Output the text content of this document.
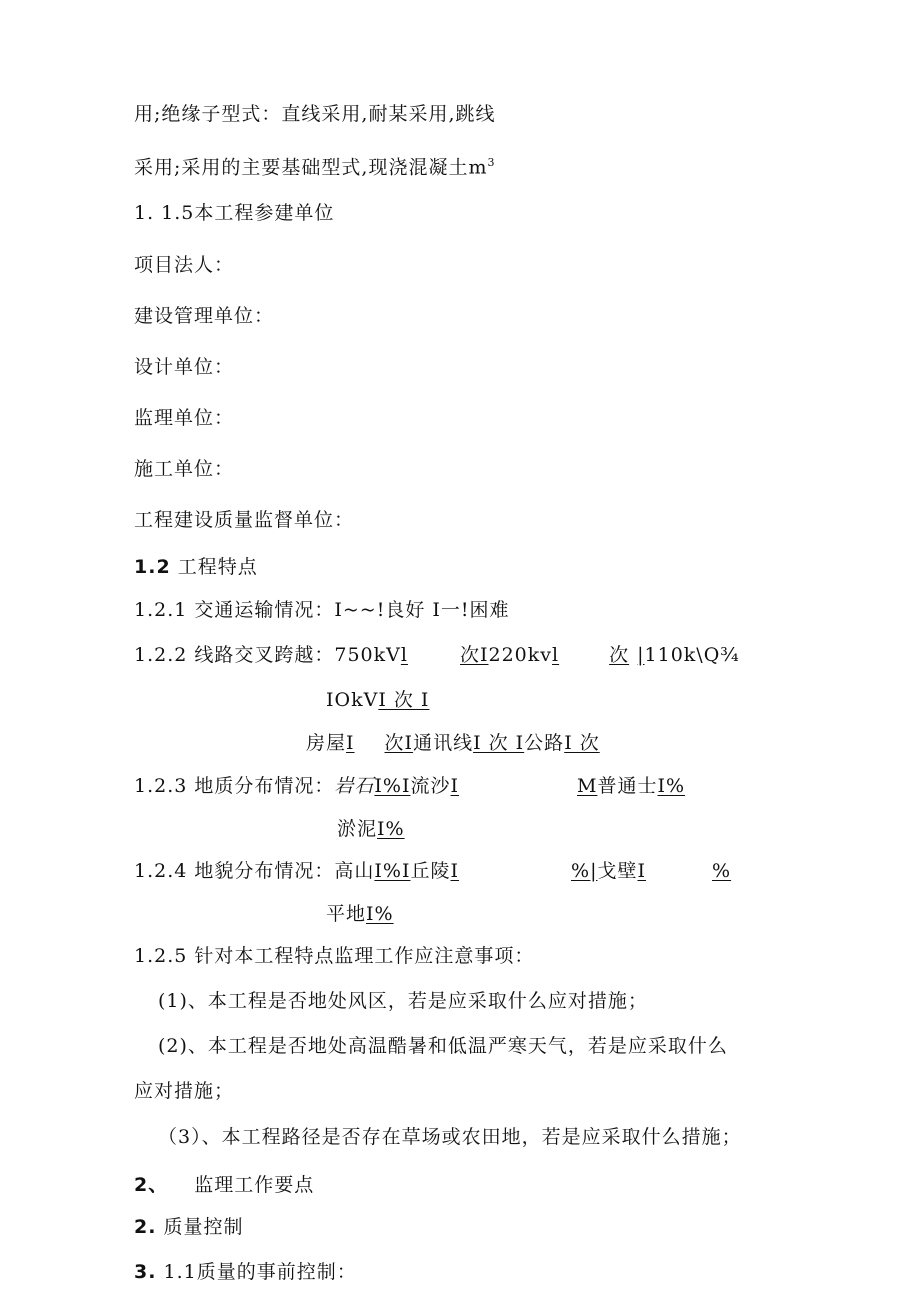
用;绝缘子型式：直线采用,耐某采用,跳线
采用;采用的主要基础型式,现浇混凝土$m^3$
1. 1.5本工程参建单位
项目法人：
建设管理单位：
设计单位：
监理单位：
施工单位：
工程建设质量监督单位：
1.2 工程特点
1.2.1 交通运输情况：I~~!良好 I一!困难
1.2.2 线路交叉跨越：750kVl	次I220kvl	次 |110k\Q¾
IOkVI 次 I
房屋I 次I通讯线I 次 I公路I 次
1.2.3 地质分布情况：岩石I%I流沙I	M普通士I%
淤泥I%
1.2.4 地貌分布情况：高山I%I丘陵I	%|戈壁I	%
平地I%
1.2.5 针对本工程特点监理工作应注意事项：
(1)、本工程是否地处风区，若是应采取什么应对措施；
(2)、本工程是否地处高温酷暑和低温严寒天气，若是应采取什么
应对措施；
（3）、本工程路径是否存在草场或农田地，若是应采取什么措施；
2、 监理工作要点
2. 质量控制
3. 1.1质量的事前控制：
